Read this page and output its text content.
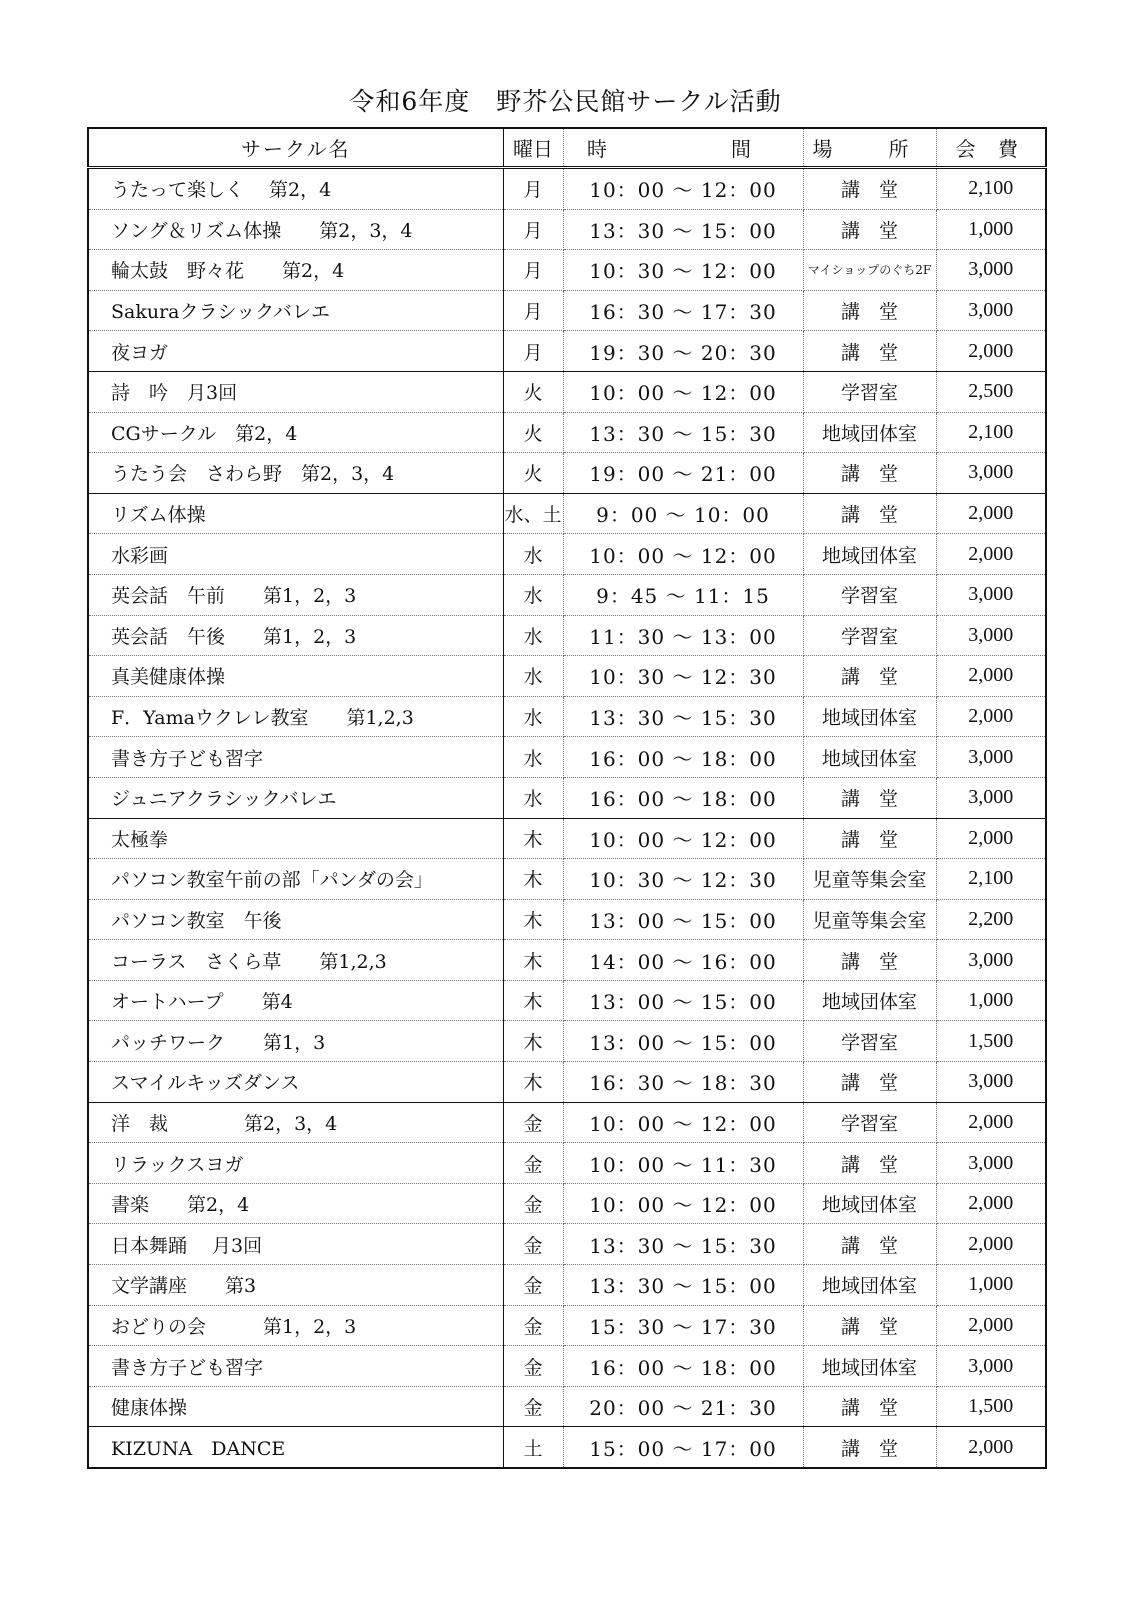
令和6年度　野芥公民館サークル活動
サークル名	曜日	時　　間	場　所	会 費
うたって楽しく　 第2，4	月	10：00 ～ 12：00	講　堂	2,100
ソング＆リズム体操　　第2，3，4	月	13：30 ～ 15：00	講　堂	1,000
輪太鼓　野々花　　第2，4	月	10：30 ～ 12：00	マイショップのぐち2F	3,000
Sakuraクラシックバレエ	月	16：30 ～ 17：30	講　堂	3,000
夜ヨガ	月	19：30 ～ 20：30	講　堂	2,000
詩　吟　月3回	火	10：00 ～ 12：00	学習室	2,500
CGサークル　第2，4	火	13：30 ～ 15：30	地域団体室	2,100
うたう会　さわら野　第2，3，4	火	19：00 ～ 21：00	講　堂	3,000
リズム体操	水、土	9：00 ～ 10：00	講　堂	2,000
水彩画	水	10：00 ～ 12：00	地域団体室	2,000
英会話　午前　　第1，2，3	水	9：45 ～ 11：15	学習室	3,000
英会話　午後　　第1，2，3	水	11：30 ～ 13：00	学習室	3,000
真美健康体操	水	10：30 ～ 12：30	講　堂	2,000
F．Yamaウクレレ教室　　第1,2,3	水	13：30 ～ 15：30	地域団体室	2,000
書き方子ども習字	水	16：00 ～ 18：00	地域団体室	3,000
ジュニアクラシックバレエ	水	16：00 ～ 18：00	講　堂	3,000
太極拳	木	10：00 ～ 12：00	講　堂	2,000
パソコン教室午前の部「パンダの会」	木	10：30 ～ 12：30	児童等集会室	2,100
パソコン教室　午後	木	13：00 ～ 15：00	児童等集会室	2,200
コーラス　さくら草　　第1,2,3	木	14：00 ～ 16：00	講　堂	3,000
オートハープ　　第4	木	13：00 ～ 15：00	地域団体室	1,000
パッチワーク　　第1，3	木	13：00 ～ 15：00	学習室	1,500
スマイルキッズダンス	木	16：30 ～ 18：30	講　堂	3,000
洋　裁　　　　第2，3，4	金	10：00 ～ 12：00	学習室	2,000
リラックスヨガ	金	10：00 ～ 11：30	講　堂	3,000
書楽　　第2，4	金	10：00 ～ 12：00	地域団体室	2,000
日本舞踊　 月3回	金	13：30 ～ 15：30	講　堂	2,000
文学講座　　第3	金	13：30 ～ 15：00	地域団体室	1,000
おどりの会　　　第1，2，3	金	15：30 ～ 17：30	講　堂	2,000
書き方子ども習字	金	16：00 ～ 18：00	地域団体室	3,000
健康体操	金	20：00 ～ 21：30	講　堂	1,500
KIZUNA　DANCE	土	15：00 ～ 17：00	講　堂	2,000
